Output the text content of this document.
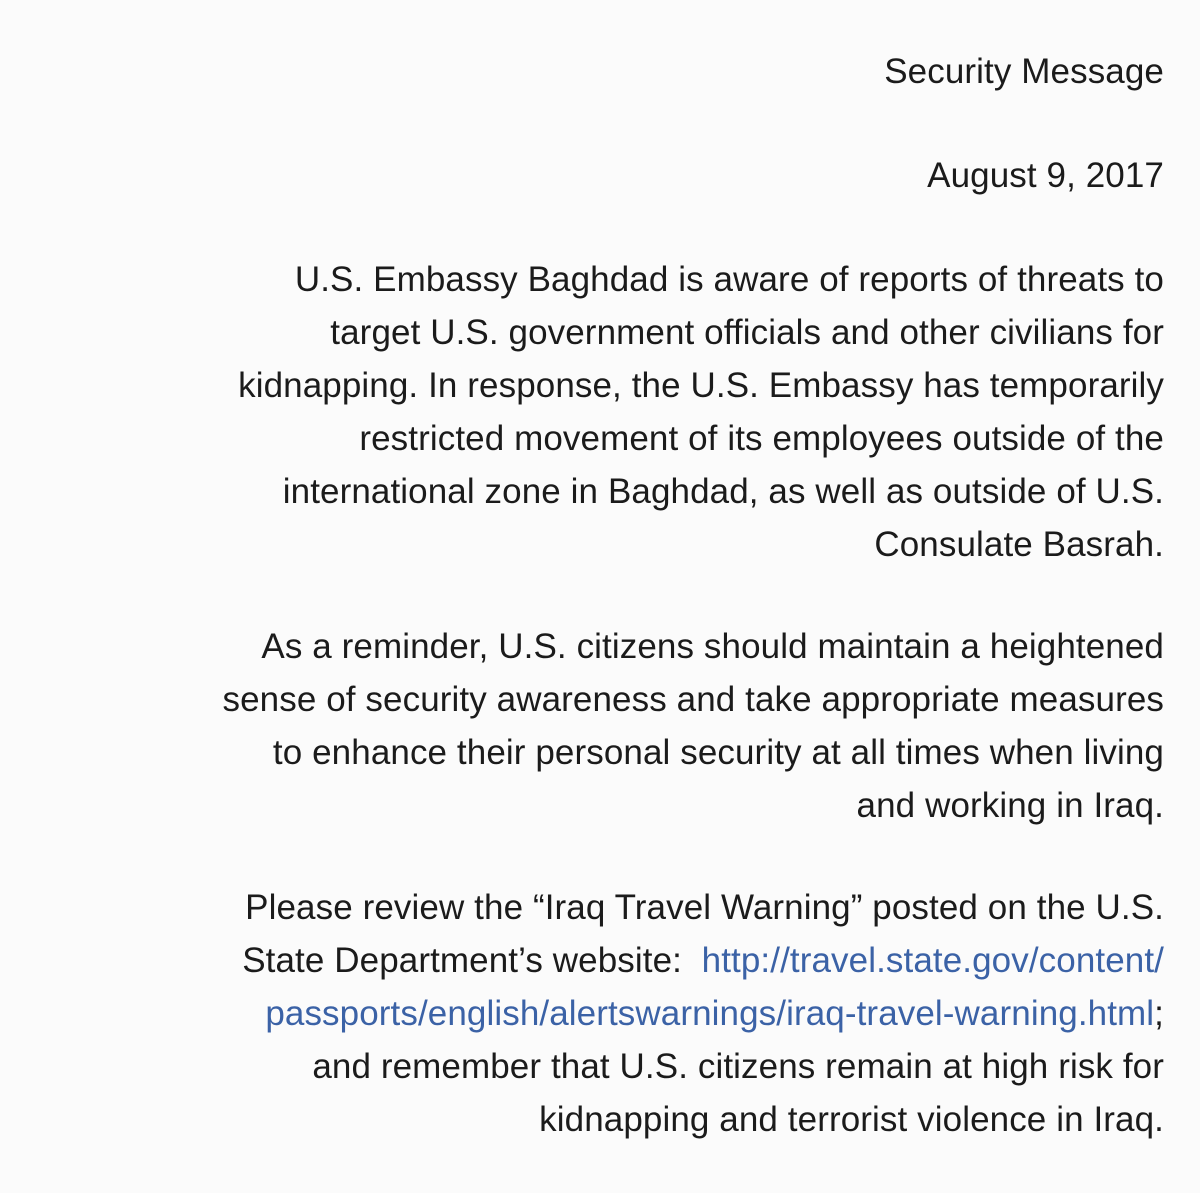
Security Message
August 9, 2017
U.S. Embassy Baghdad is aware of reports of threats to
target U.S. government officials and other civilians for
kidnapping. In response, the U.S. Embassy has temporarily
restricted movement of its employees outside of the
international zone in Baghdad, as well as outside of U.S.
Consulate Basrah.
As a reminder, U.S. citizens should maintain a heightened
sense of security awareness and take appropriate measures
to enhance their personal security at all times when living
and working in Iraq.
Please review the “Iraq Travel Warning” posted on the U.S.
State Department’s website:  http://travel.state.gov/content/
passports/english/alertswarnings/iraq-travel-warning.html;
and remember that U.S. citizens remain at high risk for
kidnapping and terrorist violence in Iraq.
